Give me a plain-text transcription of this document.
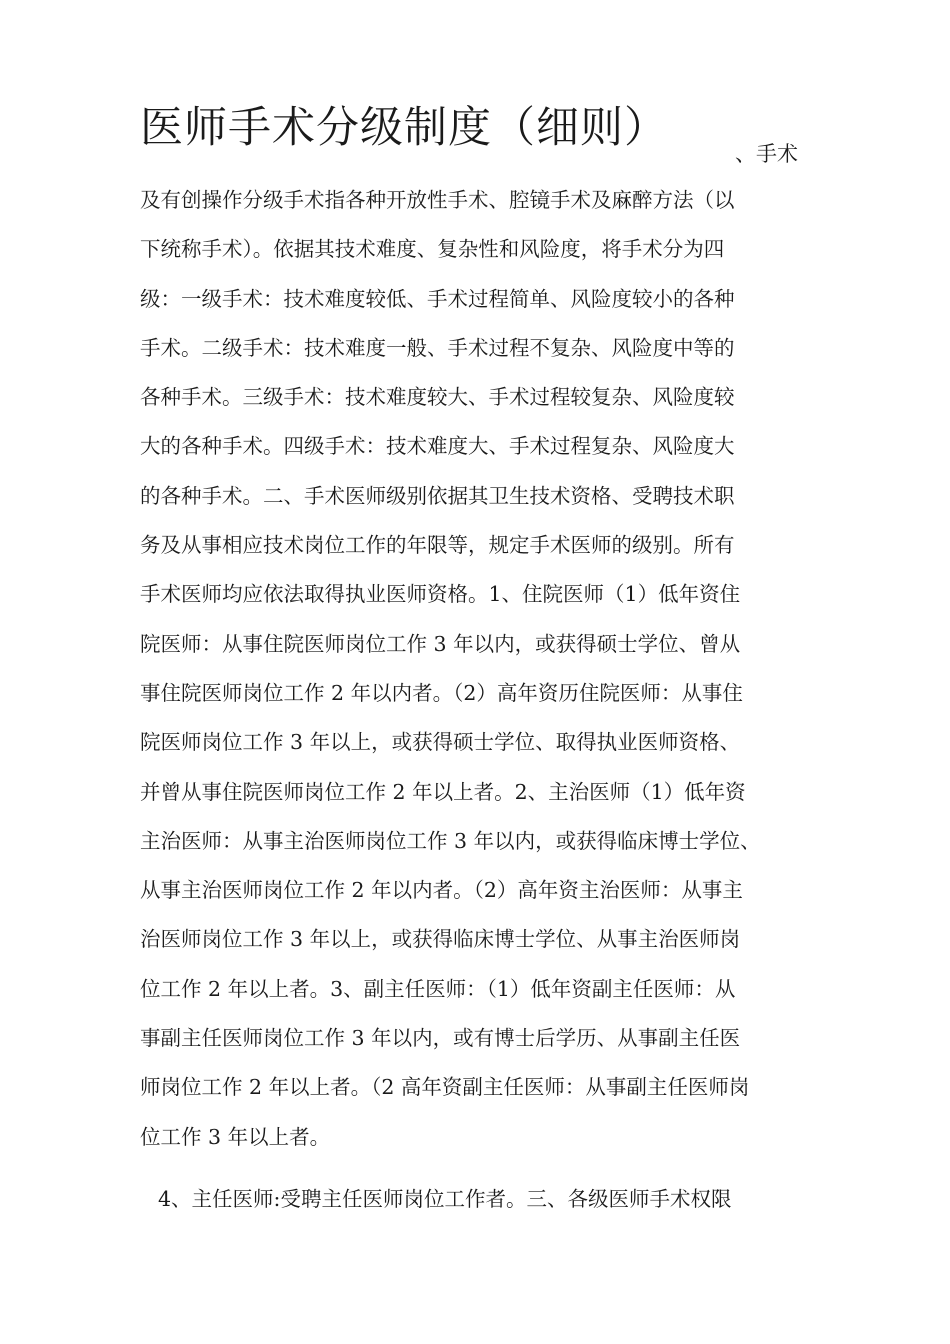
医师手术分级制度（细则）
、手术
及有创操作分级手术指各种开放性手术、腔镜手术及麻醉方法（以
下统称手术）。依据其技术难度、复杂性和风险度，将手术分为四
级：一级手术：技术难度较低、手术过程简单、风险度较小的各种
手术。二级手术：技术难度一般、手术过程不复杂、风险度中等的
各种手术。三级手术：技术难度较大、手术过程较复杂、风险度较
大的各种手术。四级手术：技术难度大、手术过程复杂、风险度大
的各种手术。二、手术医师级别依据其卫生技术资格、受聘技术职
务及从事相应技术岗位工作的年限等，规定手术医师的级别。所有
手术医师均应依法取得执业医师资格。1、住院医师（1）低年资住
院医师：从事住院医师岗位工作 3 年以内，或获得硕士学位、曾从
事住院医师岗位工作 2 年以内者。（2）高年资历住院医师：从事住
院医师岗位工作 3 年以上，或获得硕士学位、取得执业医师资格、
并曾从事住院医师岗位工作 2 年以上者。2、主治医师（1）低年资
主治医师：从事主治医师岗位工作 3 年以内，或获得临床博士学位、
从事主治医师岗位工作 2 年以内者。（2）高年资主治医师：从事主
治医师岗位工作 3 年以上，或获得临床博士学位、从事主治医师岗
位工作 2 年以上者。3、副主任医师：（1）低年资副主任医师：从
事副主任医师岗位工作 3 年以内，或有博士后学历、从事副主任医
师岗位工作 2 年以上者。（2 高年资副主任医师：从事副主任医师岗
位工作 3 年以上者。
4、主任医师:受聘主任医师岗位工作者。三、各级医师手术权限
